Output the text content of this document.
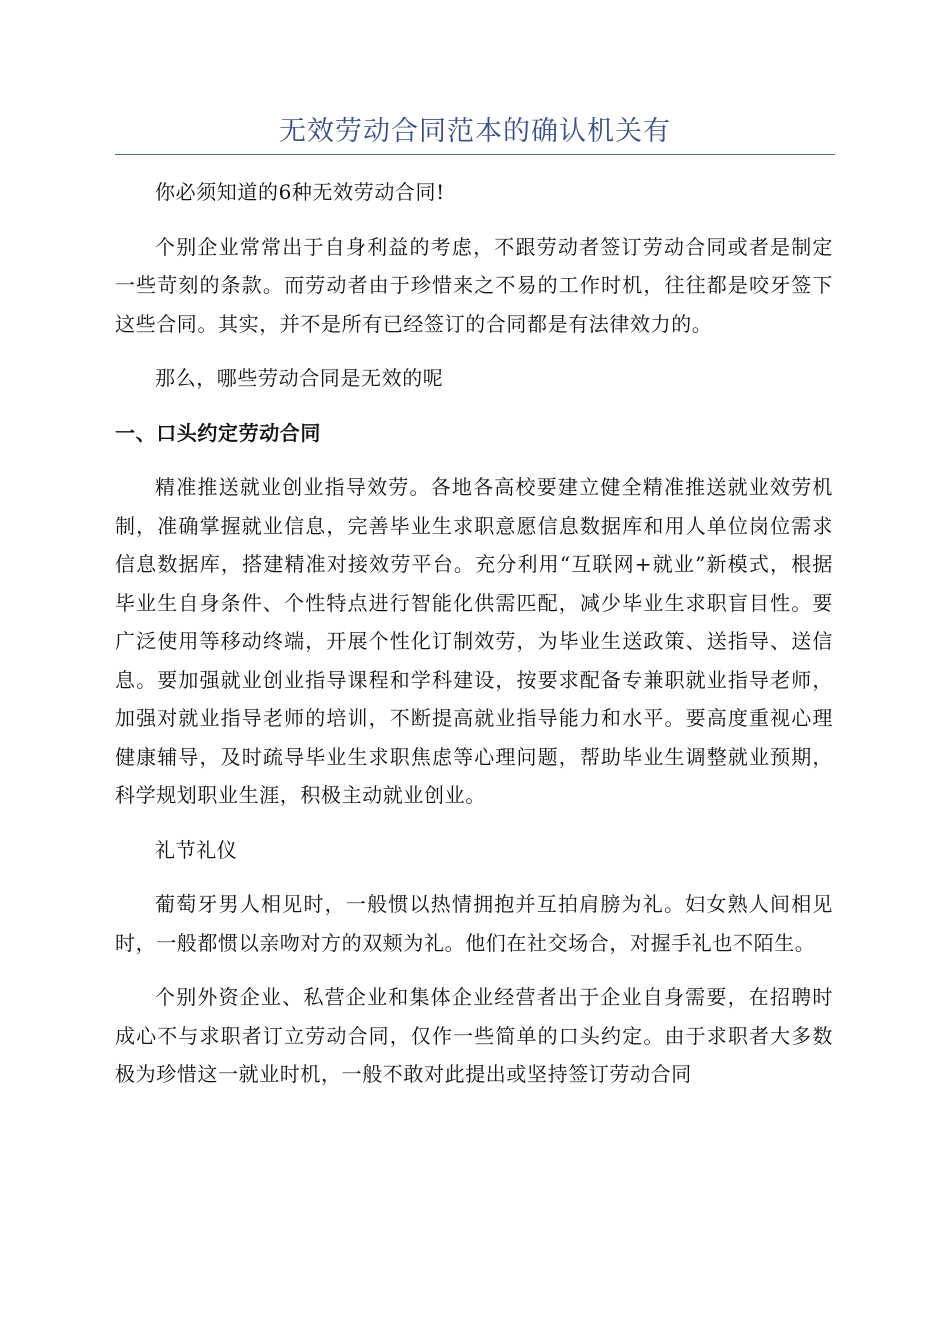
无效劳动合同范本的确认机关有

你必须知道的6种无效劳动合同!

个别企业常常出于自身利益的考虑，不跟劳动者签订劳动合同或者是制定一些苛刻的条款。而劳动者由于珍惜来之不易的工作时机，往往都是咬牙签下这些合同。其实，并不是所有已经签订的合同都是有法律效力的。

那么，哪些劳动合同是无效的呢

一、口头约定劳动合同

精准推送就业创业指导效劳。各地各高校要建立健全精准推送就业效劳机制，准确掌握就业信息，完善毕业生求职意愿信息数据库和用人单位岗位需求信息数据库，搭建精准对接效劳平台。充分利用“互联网+就业”新模式，根据毕业生自身条件、个性特点进行智能化供需匹配，减少毕业生求职盲目性。要广泛使用等移动终端，开展个性化订制效劳，为毕业生送政策、送指导、送信息。要加强就业创业指导课程和学科建设，按要求配备专兼职就业指导老师，加强对就业指导老师的培训，不断提高就业指导能力和水平。要高度重视心理健康辅导，及时疏导毕业生求职焦虑等心理问题，帮助毕业生调整就业预期，科学规划职业生涯，积极主动就业创业。

礼节礼仪

葡萄牙男人相见时，一般惯以热情拥抱并互拍肩膀为礼。妇女熟人间相见时，一般都惯以亲吻对方的双颊为礼。他们在社交场合，对握手礼也不陌生。

个别外资企业、私营企业和集体企业经营者出于企业自身需要，在招聘时成心不与求职者订立劳动合同，仅作一些简单的口头约定。由于求职者大多数极为珍惜这一就业时机，一般不敢对此提出或坚持签订劳动合同
